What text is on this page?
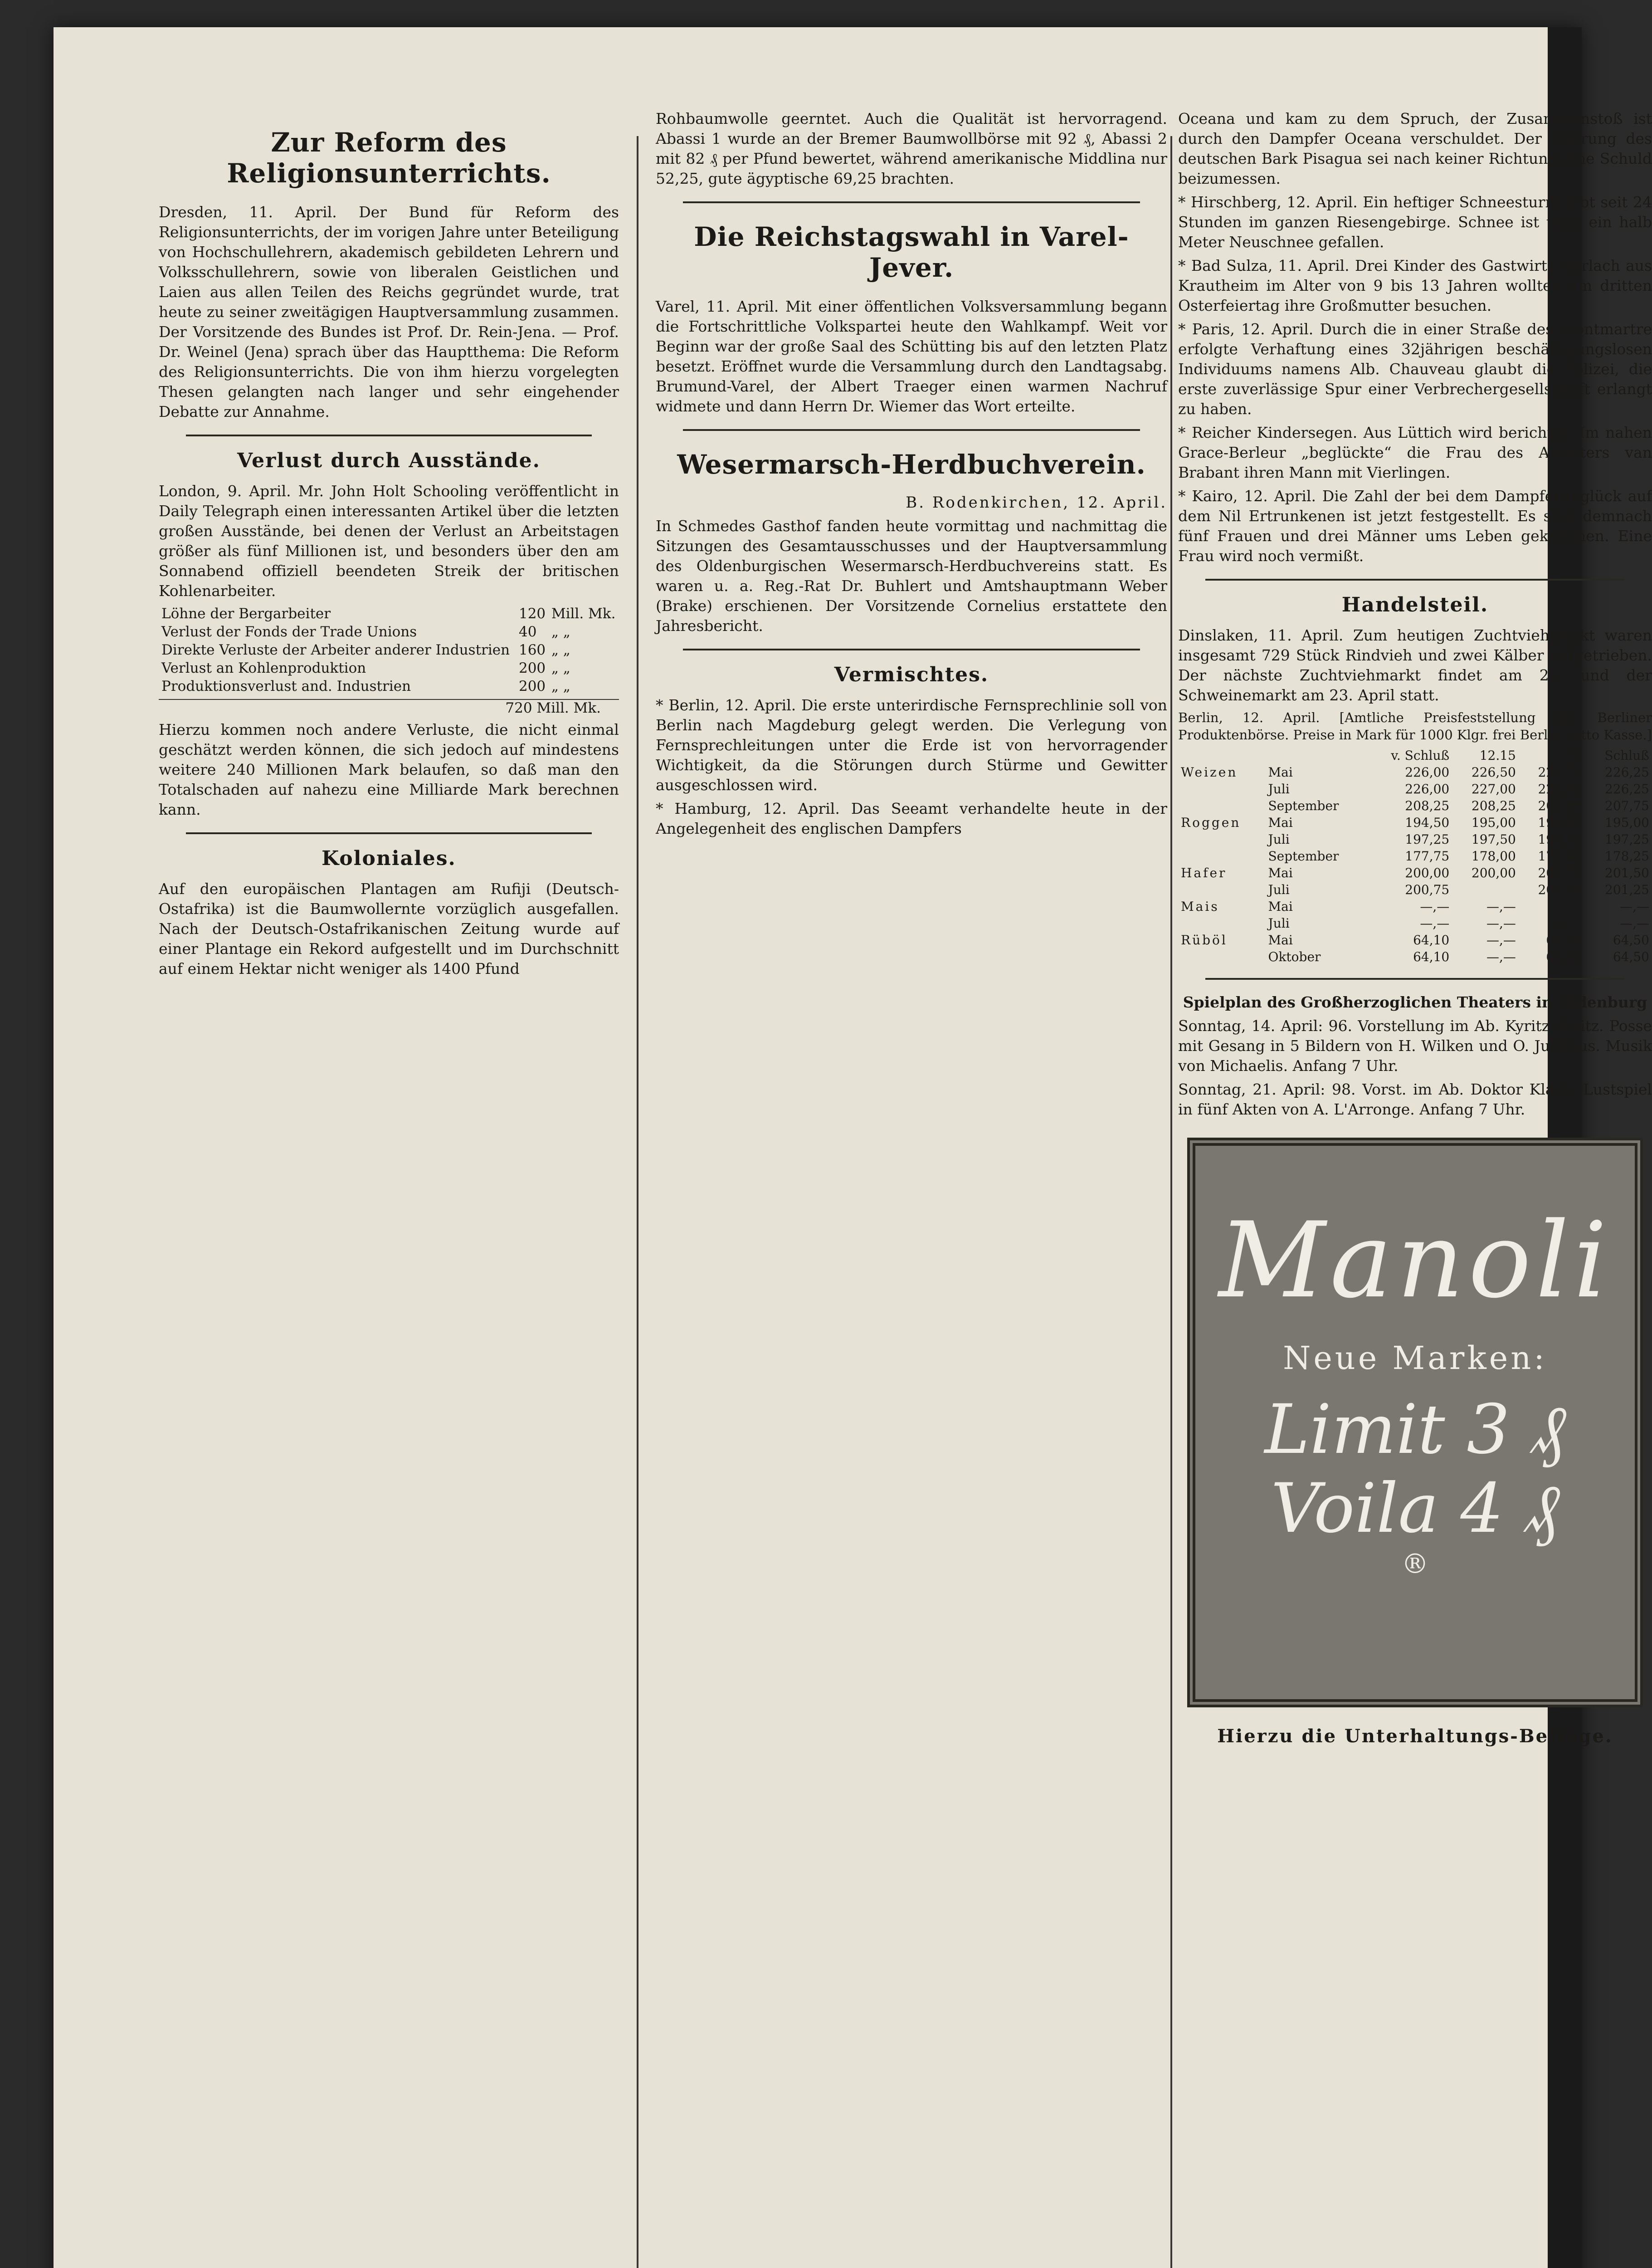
Zur Reform des Religionsunterrichts.

Dresden, 11. April. Der Bund für Reform des Religionsunterrichts, der im vorigen Jahre unter Beteiligung von Hochschullehrern, akademisch gebildeten Lehrern und Volksschullehrern, sowie von liberalen Geistlichen und Laien aus allen Teilen des Reichs gegründet wurde, trat heute zu seiner zweitägigen Hauptversammlung zusammen. Der Vorsitzende des Bundes ist Prof. Dr. Rein-Jena. — Prof. Dr. Weinel (Jena) sprach über das Hauptthema: Die Reform des Religionsunterrichts. Die von ihm hierzu vorgelegten Thesen gelangten nach langer und sehr eingehender Debatte zur Annahme.

Verlust durch Ausstände.

London, 9. April. Mr. John Holt Schooling veröffentlicht in Daily Telegraph einen interessanten Artikel über die letzten großen Ausstände, bei denen der Verlust an Arbeitstagen größer als fünf Millionen ist, und besonders über den am Sonnabend offiziell beendeten Streik der britischen Kohlenarbeiter.

Löhne der Bergarbeiter	120	Mill. Mk.
Verlust der Fonds der Trade Unions	40	„ „
Direkte Verluste der Arbeiter anderer Industrien	160	„ „
Verlust an Kohlenproduktion	200	„ „
Produktionsverlust and. Industrien	200	„ „
720 Mill. Mk.

Hierzu kommen noch andere Verluste, die nicht einmal geschätzt werden können, die sich jedoch auf mindestens weitere 240 Millionen Mark belaufen, so daß man den Totalschaden auf nahezu eine Milliarde Mark berechnen kann.

Koloniales.

Auf den europäischen Plantagen am Rufiji (Deutsch-Ostafrika) ist die Baumwollernte vorzüglich ausgefallen. Nach der Deutsch-Ostafrikanischen Zeitung wurde auf einer Plantage ein Rekord aufgestellt und im Durchschnitt auf einem Hektar nicht weniger als 1400 Pfund

Rohbaumwolle geerntet. Auch die Qualität ist hervorragend. Abassi 1 wurde an der Bremer Baumwollbörse mit 92 ₰, Abassi 2 mit 82 ₰ per Pfund bewertet, während amerikanische Middlina nur 52,25, gute ägyptische 69,25 brachten.

Die Reichstagswahl in Varel-Jever.

Varel, 11. April. Mit einer öffentlichen Volksversammlung begann die Fortschrittliche Volkspartei heute den Wahlkampf. Weit vor Beginn war der große Saal des Schütting bis auf den letzten Platz besetzt. Eröffnet wurde die Versammlung durch den Landtagsabg. Brumund-Varel, der Albert Traeger einen warmen Nachruf widmete und dann Herrn Dr. Wiemer das Wort erteilte.

Wesermarsch-Herdbuchverein.
B. Rodenkirchen, 12. April.

In Schmedes Gasthof fanden heute vormittag und nachmittag die Sitzungen des Gesamtausschusses und der Hauptversammlung des Oldenburgischen Wesermarsch-Herdbuchvereins statt. Es waren u. a. Reg.-Rat Dr. Buhlert und Amtshauptmann Weber (Brake) erschienen. Der Vorsitzende Cornelius erstattete den Jahresbericht.

Vermischtes.

* Berlin, 12. April. Die erste unterirdische Fernsprechlinie soll von Berlin nach Magdeburg gelegt werden. Die Verlegung von Fernsprechleitungen unter die Erde ist von hervorragender Wichtigkeit, da die Störungen durch Stürme und Gewitter ausgeschlossen wird.

* Hamburg, 12. April. Das Seeamt verhandelte heute in der Angelegenheit des englischen Dampfers

Oceana und kam zu dem Spruch, der Zusammenstoß ist durch den Dampfer Oceana verschuldet. Der Führung des deutschen Bark Pisagua sei nach keiner Richtung eine Schuld beizumessen.

* Hirschberg, 12. April. Ein heftiger Schneesturm tobt seit 24 Stunden im ganzen Riesengebirge. Schnee ist über ein halb Meter Neuschnee gefallen.

* Bad Sulza, 11. April. Drei Kinder des Gastwirts Gerlach aus Krautheim im Alter von 9 bis 13 Jahren wollten am dritten Osterfeiertag ihre Großmutter besuchen.

* Paris, 12. April. Durch die in einer Straße des Montmartre erfolgte Verhaftung eines 32jährigen beschäftigungslosen Individuums namens Alb. Chauveau glaubt die Polizei, die erste zuverlässige Spur einer Verbrechergesellschaft erlangt zu haben.

* Reicher Kindersegen. Aus Lüttich wird berichtet: Im nahen Grace-Berleur „beglückte“ die Frau des Arbeiters van Brabant ihren Mann mit Vierlingen.

* Kairo, 12. April. Die Zahl der bei dem Dampferunglück auf dem Nil Ertrunkenen ist jetzt festgestellt. Es sind demnach fünf Frauen und drei Männer ums Leben gekommen. Eine Frau wird noch vermißt.

Handelsteil.

Dinslaken, 11. April. Zum heutigen Zuchtviehmarkt waren insgesamt 729 Stück Rindvieh und zwei Kälber aufgetrieben. Der nächste Zuchtviehmarkt findet am 22. und der Schweinemarkt am 23. April statt.

Berlin, 12. April. [Amtliche Preisfeststellung der Berliner Produktenbörse. Preise in Mark für 1000 Klgr. frei Berlin netto Kasse.]

		v. Schluß	12.15	1.15	Schluß
Weizen	Mai	226,00	226,50	226,75	226,25
	Juli	226,00	227,00	226,75	226,25
	September	208,25	208,25	208,25	207,75
Roggen	Mai	194,50	195,00	196,00	195,00
	Juli	197,25	197,50	198,25	197,25
	September	177,75	178,00	178,25	178,25
Hafer	Mai	200,00	200,00	201,75	201,50
	Juli	200,75		201,50	201,25
Mais	Mai	—,—	—,—	—,—	—,—
	Juli	—,—	—,—	—,—	—,—
Rüböl	Mai	64,10	—,—	64,20	64,50
	Oktober	64,10	—,—	64,20	64,50

Spielplan des Großherzoglichen Theaters in Oldenburg

Sonntag, 14. April: 96. Vorstellung im Ab. Kyritz-Pyritz. Posse mit Gesang in 5 Bildern von H. Wilken und O. Justinus. Musik von Michaelis. Anfang 7 Uhr.

Sonntag, 21. April: 98. Vorst. im Ab. Doktor Klaus. Lustspiel in fünf Akten von A. L'Arronge. Anfang 7 Uhr.

Manoli
Neue Marken:
Limit 3 ₰
Voila 4 ₰
®
Hierzu die Unterhaltungs-Beilage.
